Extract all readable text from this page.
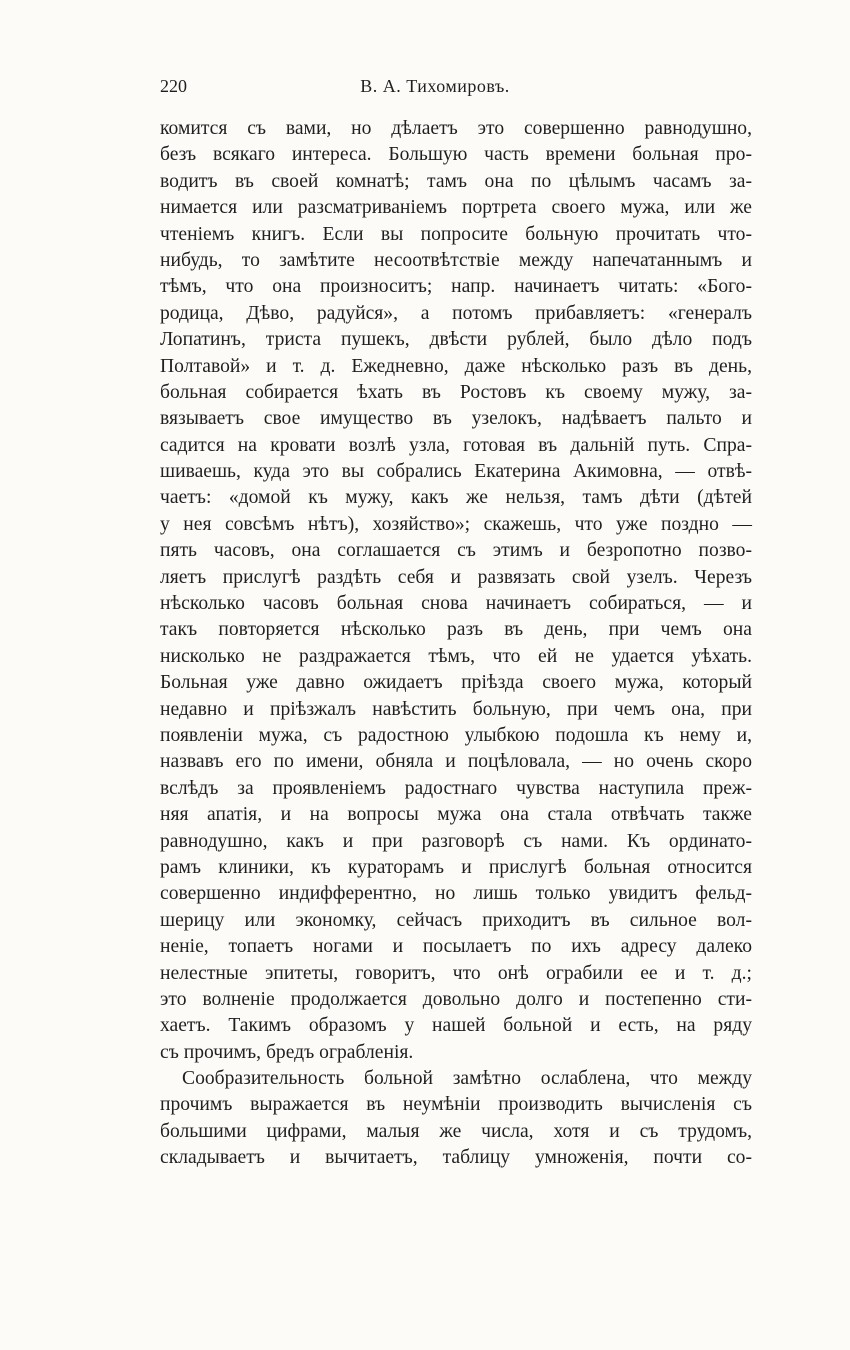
220	В. А. Тихомировъ.
комится съ вами, но дѣлаетъ это совершенно равнодушно,
безъ всякаго интереса. Большую часть времени больная про-
водитъ въ своей комнатѣ; тамъ она по цѣлымъ часамъ за-
нимается или разсматриваніемъ портрета своего мужа, или же
чтеніемъ книгъ. Если вы попросите больную прочитать что-
нибудь, то замѣтите несоотвѣтствіе между напечатаннымъ и
тѣмъ, что она произноситъ; напр. начинаетъ читать: «Бого-
родица, Дѣво, радуйся», а потомъ прибавляетъ: «генералъ
Лопатинъ, триста пушекъ, двѣсти рублей, было дѣло подъ
Полтавой» и т. д. Ежедневно, даже нѣсколько разъ въ день,
больная собирается ѣхать въ Ростовъ къ своему мужу, за-
вязываетъ свое имущество въ узелокъ, надѣваетъ пальто и
садится на кровати возлѣ узла, готовая въ дальній путь. Спра-
шиваешь, куда это вы собрались Екатерина Акимовна, — отвѣ-
чаетъ: «домой къ мужу, какъ же нельзя, тамъ дѣти (дѣтей
у нея совсѣмъ нѣтъ), хозяйство»; скажешь, что уже поздно —
пять часовъ, она соглашается съ этимъ и безропотно позво-
ляетъ прислугѣ раздѣть себя и развязать свой узелъ. Черезъ
нѣсколько часовъ больная снова начинаетъ собираться, — и
такъ повторяется нѣсколько разъ въ день, при чемъ она
нисколько не раздражается тѣмъ, что ей не удается уѣхать.
Больная уже давно ожидаетъ пріѣзда своего мужа, который
недавно и пріѣзжалъ навѣстить больную, при чемъ она, при
появленіи мужа, съ радостною улыбкою подошла къ нему и,
назвавъ его по имени, обняла и поцѣловала, — но очень скоро
вслѣдъ за проявленіемъ радостнаго чувства наступила преж-
няя апатія, и на вопросы мужа она стала отвѣчать также
равнодушно, какъ и при разговорѣ съ нами. Къ ординато-
рамъ клиники, къ кураторамъ и прислугѣ больная относится
совершенно индифферентно, но лишь только увидитъ фельд-
шерицу или экономку, сейчасъ приходитъ въ сильное вол-
неніе, топаетъ ногами и посылаетъ по ихъ адресу далеко
нелестные эпитеты, говоритъ, что онѣ ограбили ее и т. д.;
это волненіе продолжается довольно долго и постепенно сти-
хаетъ. Такимъ образомъ у нашей больной и есть, на ряду
съ прочимъ, бредъ ограбленія.
Сообразительность больной замѣтно ослаблена, что между
прочимъ выражается въ неумѣніи производить вычисленія съ
большими цифрами, малыя же числа, хотя и съ трудомъ,
складываетъ и вычитаетъ, таблицу умноженія, почти со-
